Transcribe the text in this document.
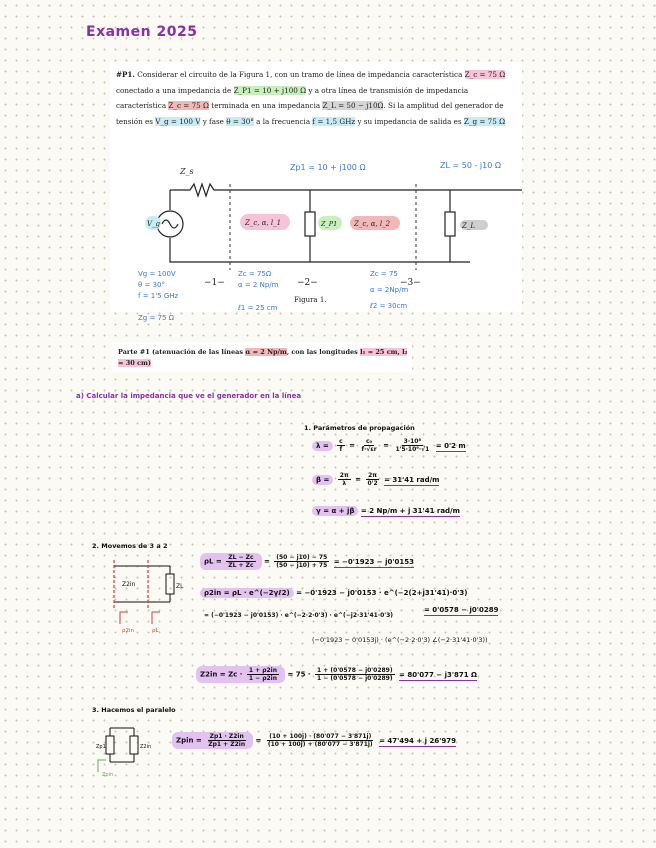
Examen 2025
#P1. Considerar el circuito de la Figura 1, con un tramo de línea de impedancia característica Z_c = 75 Ω conectado a una impedancia de Z_P1 = 10 + j100 Ω y a otra línea de transmisión de impedancia característica Z_c = 75 Ω terminada en una impedancia Z_L = 50 − j10Ω. Si la amplitud del generador de tensión es V_g = 100 V y fase θ = 30° a la frecuencia f = 1,5 GHz y su impedancia de salida es Z_g = 75 Ω
Z_s
V_g	Z_c, α, l_1	Z_P1 Z_c, α, l_2	Z_L
−1−	−2−	−3−
Figura 1.
Zp1 = 10 + j100 Ω	ZL = 50 - j10 Ω
Vg = 100V
θ = 30°
f = 1'5 GHz
Zg = 75 Ω
Zc = 75Ω
α = 2 Np/m
ℓ1 = 25 cm
Zc = 75
α = 2Np/m
ℓ2 = 30cm
Parte #1 (atenuación de las líneas α = 2 Np/m, con las longitudes l₁ = 25 cm, l₂ = 30 cm)
a) Calcular la impedancia que ve el generador en la línea
1. Parámetros de propagación
$\lambda = \frac{c}{f} = \frac{\text{c₀}}{f\cdot√\varepsilon r} = \frac{\text{3·10⁸}}{\text{1'5·10⁹·√1}} = 0'2$ m
$\beta = \frac{2\pi}{\lambda} = \frac{2\pi}{0'2} = 31'41$ rad/m
γ = α + jβ = 2 Np/m + j 31'41 rad/m
2. Movemos de 3 a 2
ZL
Z2in
ρ2in	ρL
$\rho L = \frac{ZL - Zc}{ZL + Zc} = \frac{(50 - j10) - 75}{(50 - j10) + 75} = -0'1923 - j0'0153$
ρ2in = ρL · e^(−2γℓ2) = −0'1923 − j0'0153 · e^(−2(2+j31'41)·0'3)
= (−0'1923 − j0'0153) · e^(−2·2·0'3) · e^(−j2·31'41·0'3)
= 0'0578 − j0'0289
(−0'1923 − 0'0153j) · (e^(−2·2·0'3) ∠(−2·31'41·0'3))
$Z2in = Zc \cdot \frac{1 + \rho 2in}{1 - \rho 2in} = 75 \cdot \frac{1 + (0'0578 - j0'0289)}{1 - (0'0578 - j0'0289)} = 80'077 - j3'871$ Ω
3. Hacemos el paralelo
Zp1	Z2in
Zpin
Zpin = $\frac{Zp1 \cdot Z2in}{Zp1 + Z2in} = \frac{(10 + 100j) \cdot (80'077 - 3'871j)}{(10 + 100j) + (80'077 - 3'871j)} = 47'494 + j$ 26'979
